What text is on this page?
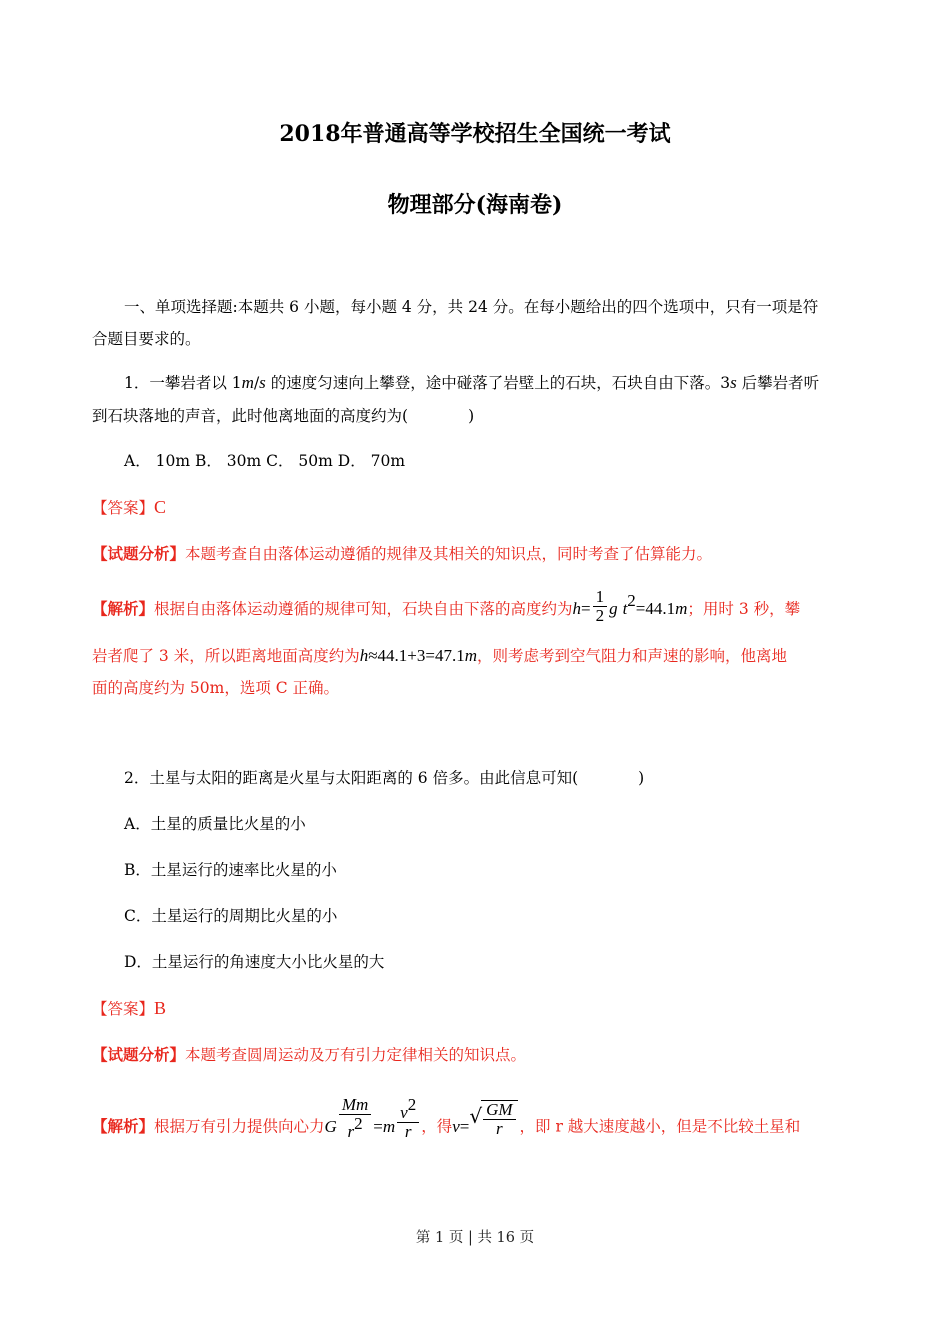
2018年普通高等学校招生全国统一考试
物理部分(海南卷)
一、单项选择题:本题共 6 小题，每小题 4 分，共 24 分。在每小题给出的四个选项中，只有一项是符
合题目要求的。
1．一攀岩者以 1m/s 的速度匀速向上攀登，途中碰落了岩壁上的石块，石块自由下落。3s 后攀岩者听
到石块落地的声音，此时他离地面的高度约为(	)
A． 10m B． 30m C． 50m D． 70m
【答案】C
【试题分析】本题考查自由落体运动遵循的规律及其相关的知识点，同时考查了估算能力。
【解析】根据自由落体运动遵循的规律可知，石块自由下落的高度约为$h= \frac{1}{2}$ g $t^2=44.1m$；用时 3 秒，攀
岩者爬了 3 米，所以距离地面高度约为h≈44.1+3=47.1m，则考虑考到空气阻力和声速的影响，他离地
面的高度约为 50m，选项 C 正确。
2．土星与太阳的距离是火星与太阳距离的 6 倍多。由此信息可知(	)
A．土星的质量比火星的小
B．土星运行的速率比火星的小
C．土星运行的周期比火星的小
D．土星运行的角速度大小比火星的大
【答案】B
【试题分析】本题考查圆周运动及万有引力定律相关的知识点。
【解析】根据万有引力提供向心力G $\frac{Mm}{r^2} =m \frac{v^2}{r}$ ，得$v=√ \frac{GM}{r}$ ，即 r 越大速度越小，但是不比较土星和
第 1 页 | 共 16 页
